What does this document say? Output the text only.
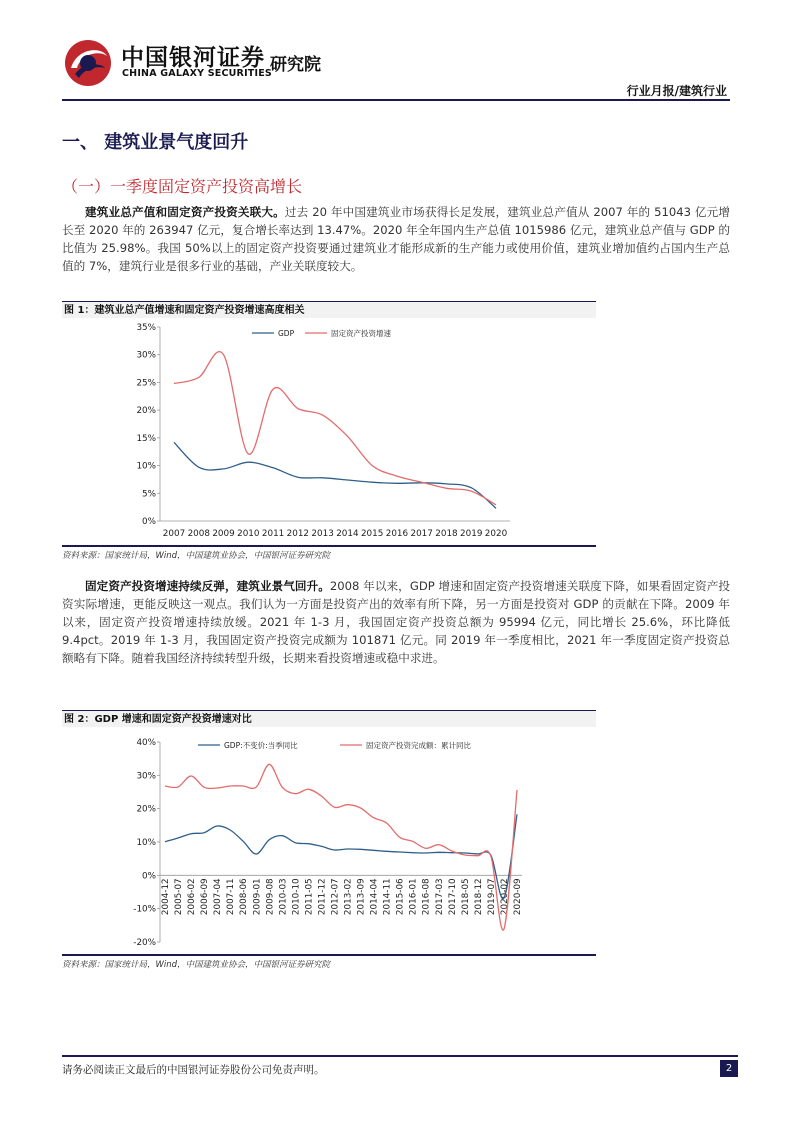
中国银河证券
CHINA GALAXY SECURITIES
研究院
行业月报/建筑行业
一、 建筑业景气度回升
（一）一季度固定资产投资高增长
建筑业总产值和固定资产投资关联大。过去 20 年中国建筑业市场获得长足发展，建筑业总产值从 2007 年的 51043 亿元增长至 2020 年的 263947 亿元，复合增长率达到 13.47%。2020 年全年国内生产总值 1015986 亿元，建筑业总产值与 GDP 的比值为 25.98%。我国 50%以上的固定资产投资要通过建筑业才能形成新的生产能力或使用价值，建筑业增加值约占国内生产总值的 7%，建筑行业是很多行业的基础，产业关联度较大。
图 1：建筑业总产值增速和固定资产投资增速高度相关
0%
5%
10%
15%
20%
25%
30%
35%
2007 2008 2009 2010 2011 2012 2013 2014 2015 2016 2017 2018 2019 2020
GDP	固定资产投资增速
资料来源：国家统计局，Wind，中国建筑业协会，中国银河证券研究院
固定资产投资增速持续反弹，建筑业景气回升。2008 年以来，GDP 增速和固定资产投资增速关联度下降，如果看固定资产投资实际增速，更能反映这一观点。我们认为一方面是投资产出的效率有所下降，另一方面是投资对 GDP 的贡献在下降。2009 年以来，固定资产投资增速持续放缓。2021 年 1-3 月，我国固定资产投资总额为 95994 亿元，同比增长 25.6%，环比降低 9.4pct。2019 年 1-3 月，我国固定资产投资完成额为 101871 亿元。同 2019 年一季度相比，2021 年一季度固定资产投资总额略有下降。随着我国经济持续转型升级，长期来看投资增速或稳中求进。
图 2：GDP 增速和固定资产投资增速对比
-20%
-10%
0%
10%
20%
30%
40%
2004-12 2005-07 2006-02 2006-09 2007-04 2007-11 2008-06 2009-01 2009-08 2010-03 2010-10 2011-05 2011-12 2012-07 2013-02 2013-09 2014-04 2014-11 2015-06 2016-01 2016-08 2017-03 2017-10 2018-05 2018-12 2019-07 2020-02 2020-09
GDP:不变价:当季同比	固定资产投资完成额：累计同比
资料来源：国家统计局，Wind，中国建筑业协会，中国银河证券研究院
请务必阅读正文最后的中国银河证券股份公司免责声明。	2
